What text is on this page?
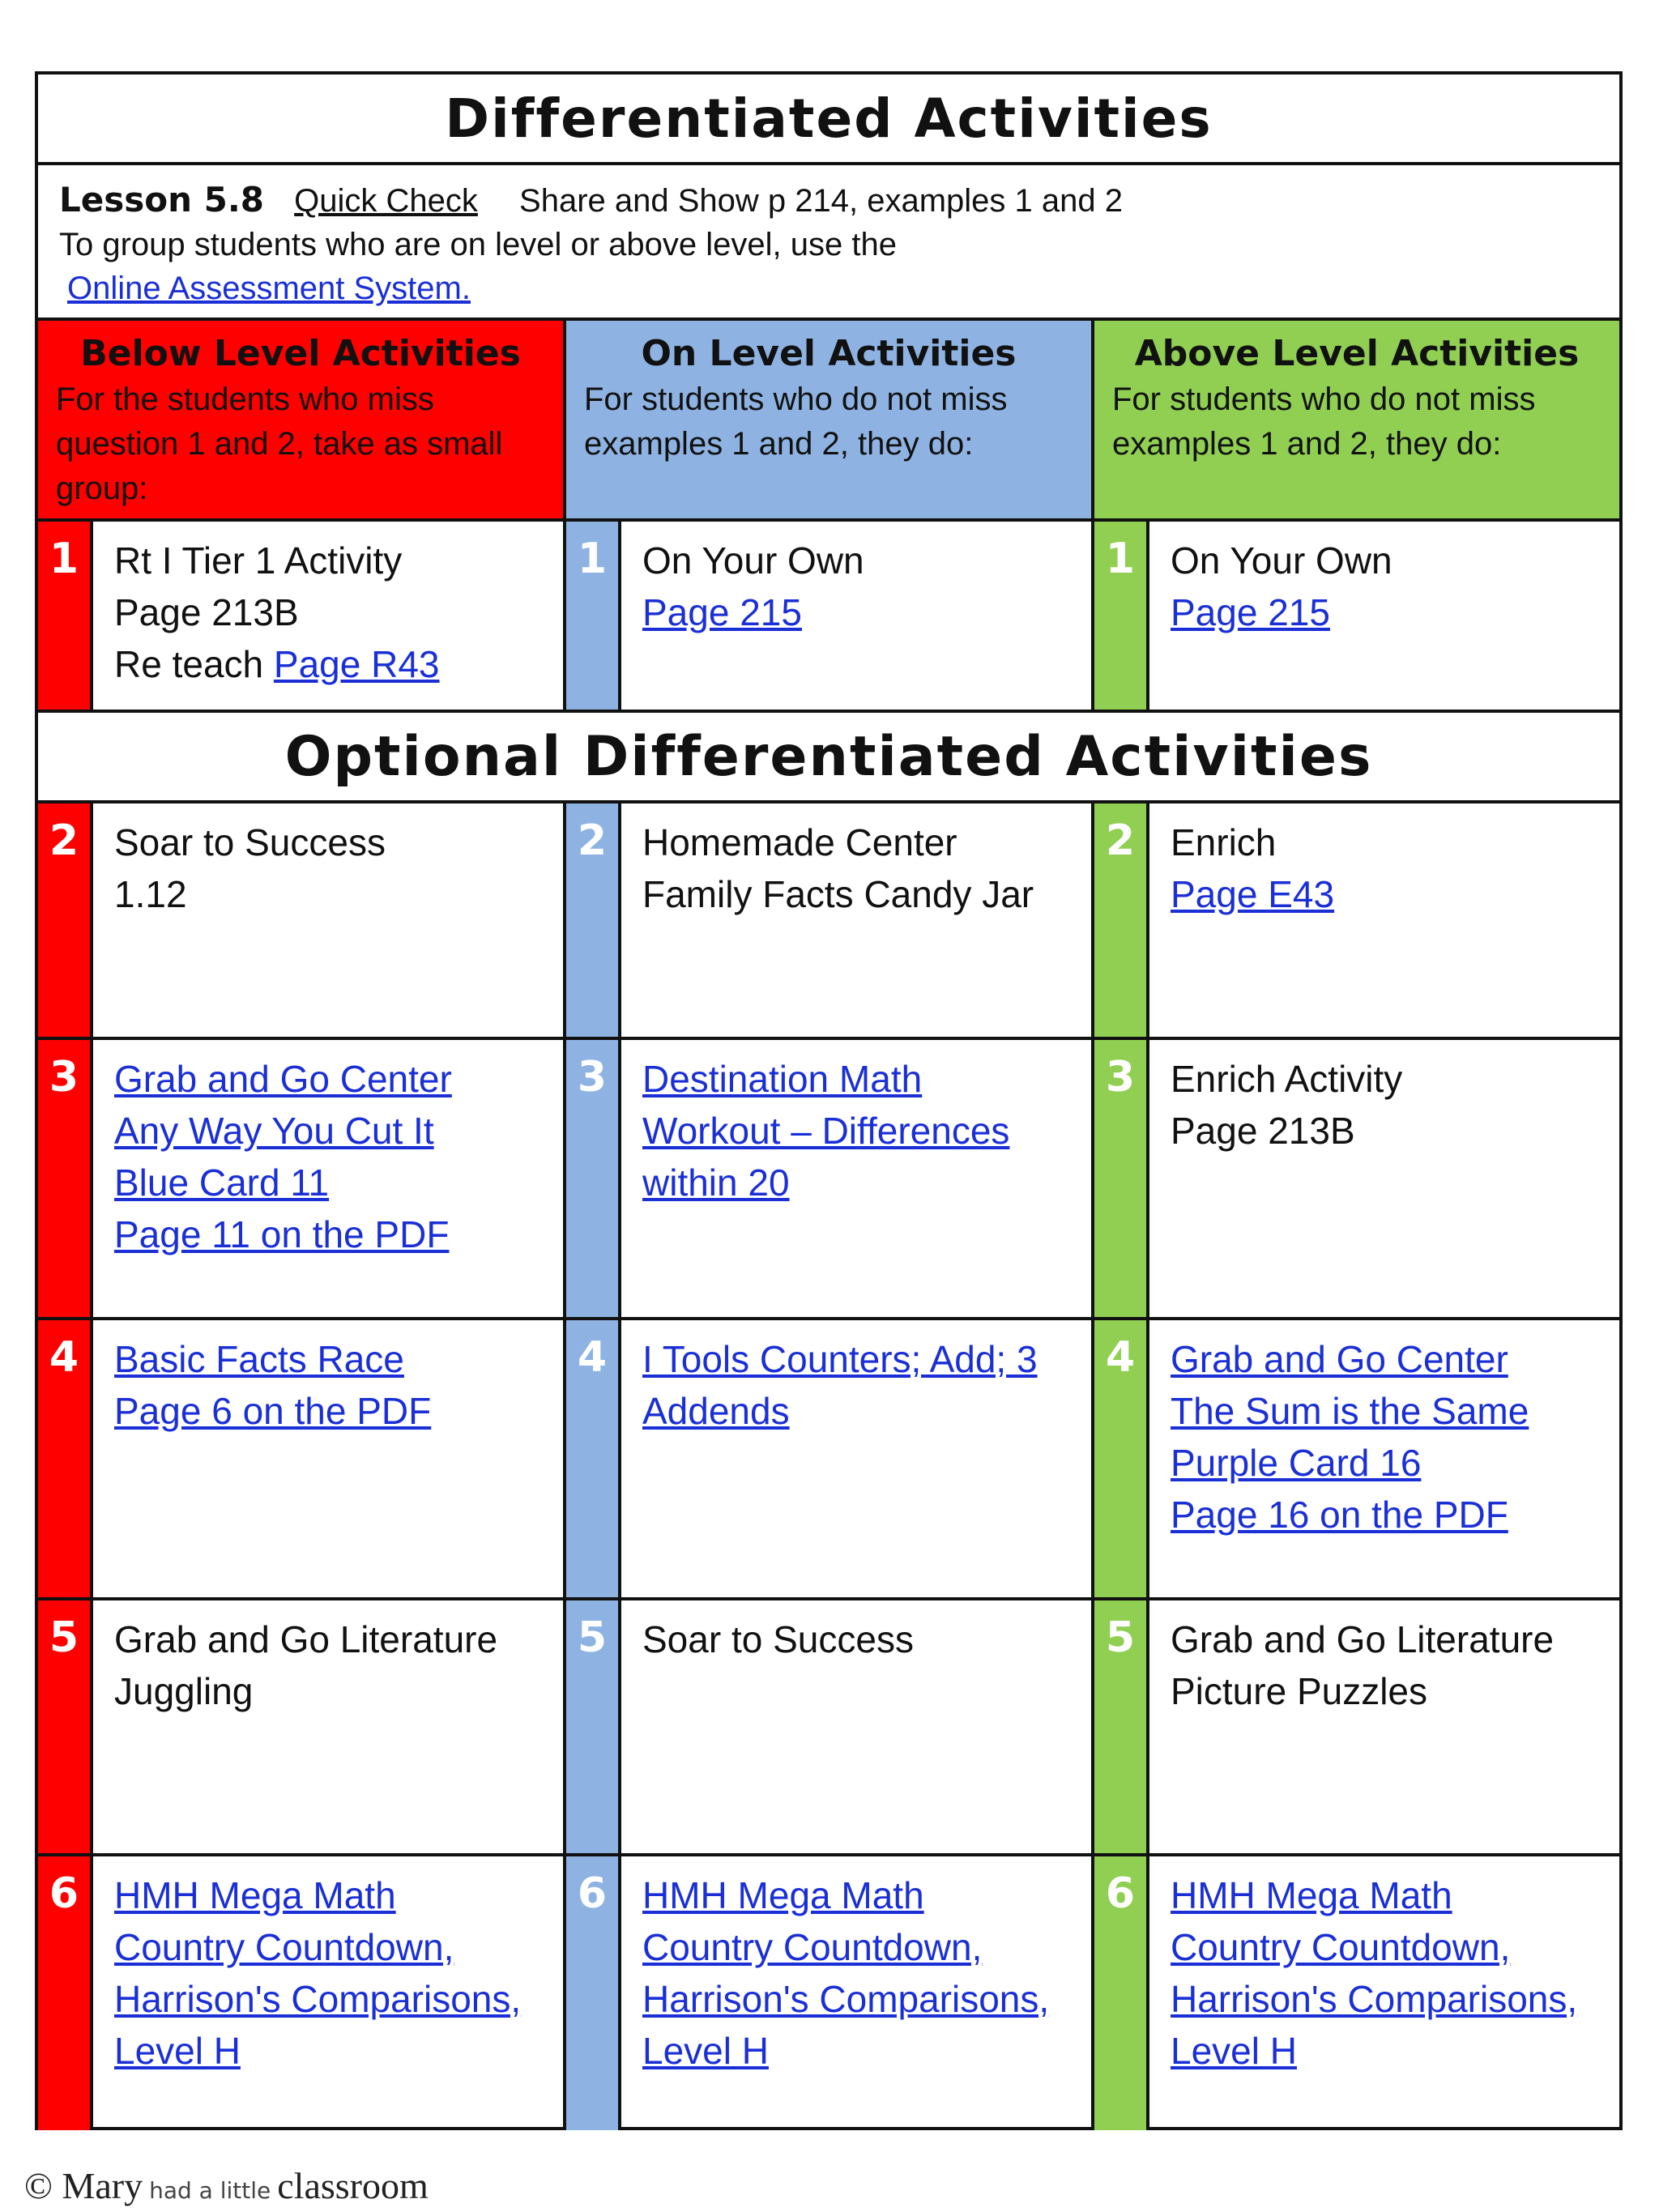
Differentiated Activities
Lesson 5.8 Quick Check Share and Show p 214, examples 1 and 2
To group students who are on level or above level, use the
Online Assessment System.
Below Level Activities
For the students who miss question 1 and 2, take as small group:
On Level Activities
For students who do not miss examples 1 and 2, they do:
Above Level Activities
For students who do not miss examples 1 and 2, they do:
1 Rt I Tier 1 Activity
Page 213B
Re teach Page R43
1 On Your Own
Page 215
1 On Your Own
Page 215
Optional Differentiated Activities
2 Soar to Success
1.12
2 Homemade Center
Family Facts Candy Jar
2 Enrich
Page E43
3 Grab and Go Center
Any Way You Cut It
Blue Card 11
Page 11 on the PDF
3 Destination Math
Workout – Differences
within 20
3 Enrich Activity
Page 213B
4 Basic Facts Race
Page 6 on the PDF
4 I Tools Counters; Add; 3
Addends
4 Grab and Go Center
The Sum is the Same
Purple Card 16
Page 16 on the PDF
5 Grab and Go Literature
Juggling
5 Soar to Success	5 Grab and Go Literature
Picture Puzzles
6 HMH Mega Math
Country Countdown,
Harrison's Comparisons,
Level H
6 HMH Mega Math
Country Countdown,
Harrison's Comparisons,
Level H
6 HMH Mega Math
Country Countdown,
Harrison's Comparisons,
Level H
© Mary had a little classroom
